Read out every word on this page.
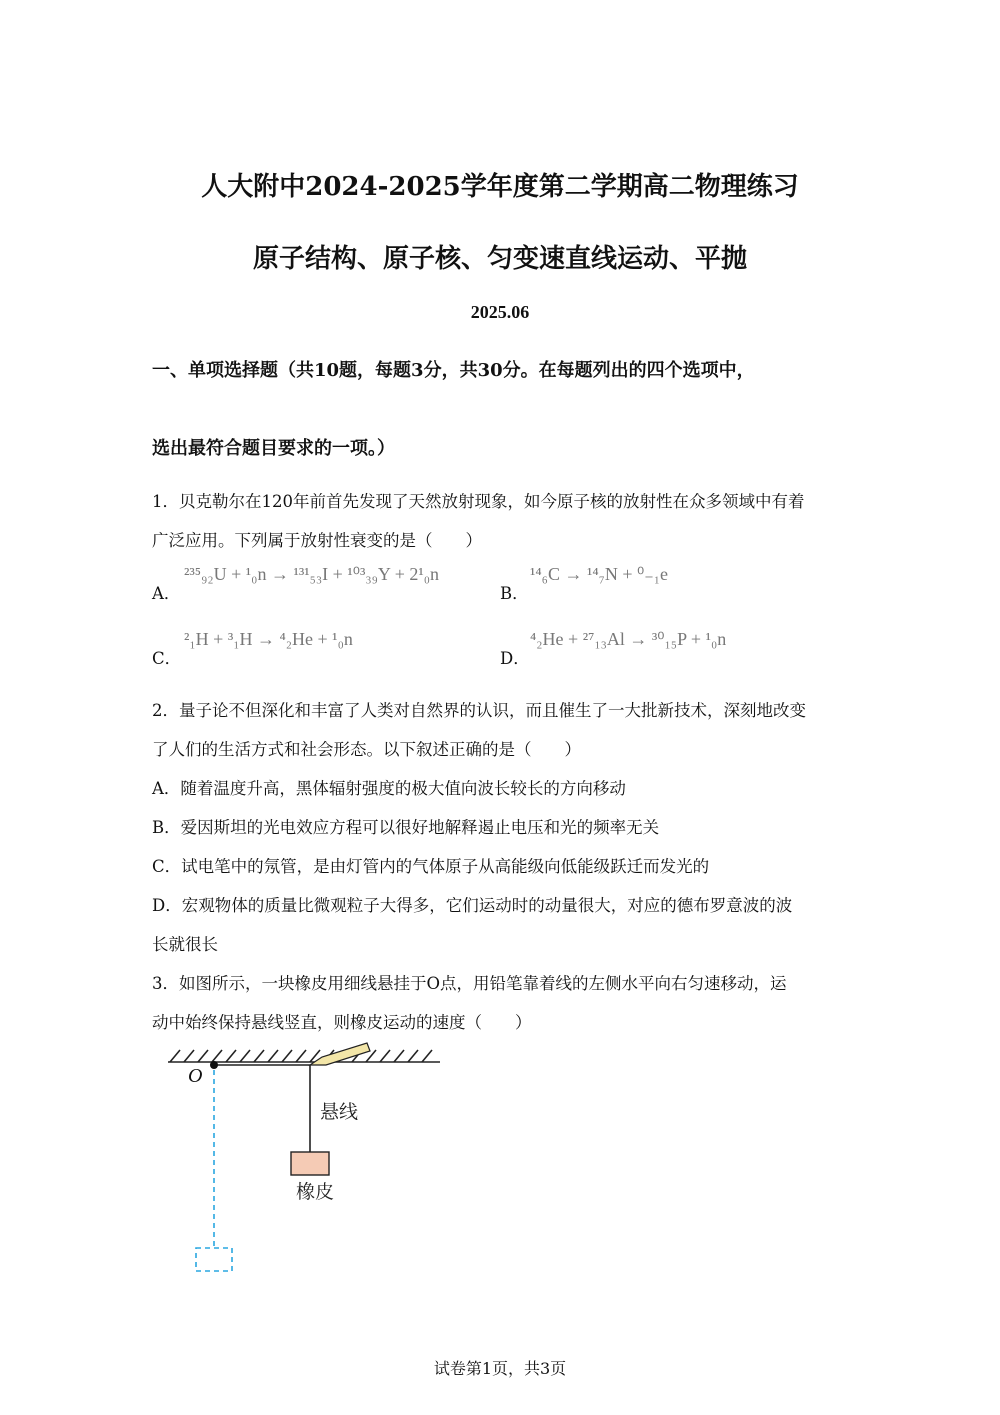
人大附中2024-2025学年度第二学期高二物理练习
原子结构、原子核、匀变速直线运动、平抛
2025.06
一、单项选择题（共10题，每题3分，共30分。在每题列出的四个选项中，
选出最符合题目要求的一项。）
1．贝克勒尔在120年前首先发现了天然放射现象，如今原子核的放射性在众多领域中有着
广泛应用。下列属于放射性衰变的是（　　）
A．
²³⁵₉₂U + ¹₀n → ¹³¹₅₃I + ¹⁰³₃₉Y + 2¹₀n
B．
¹⁴₆C → ¹⁴₇N + ⁰₋₁e
C．
²₁H + ³₁H → ⁴₂He + ¹₀n
D．
⁴₂He + ²⁷₁₃Al → ³⁰₁₅P + ¹₀n
2．量子论不但深化和丰富了人类对自然界的认识，而且催生了一大批新技术，深刻地改变
了人们的生活方式和社会形态。以下叙述正确的是（　　）
A．随着温度升高，黑体辐射强度的极大值向波长较长的方向移动
B．爱因斯坦的光电效应方程可以很好地解释遏止电压和光的频率无关
C．试电笔中的氖管，是由灯管内的气体原子从高能级向低能级跃迁而发光的
D．宏观物体的质量比微观粒子大得多，它们运动时的动量很大，对应的德布罗意波的波
长就很长
3．如图所示，一块橡皮用细线悬挂于O点，用铅笔靠着线的左侧水平向右匀速移动，运
动中始终保持悬线竖直，则橡皮运动的速度（　　）
O
悬线
橡皮
试卷第1页，共3页
